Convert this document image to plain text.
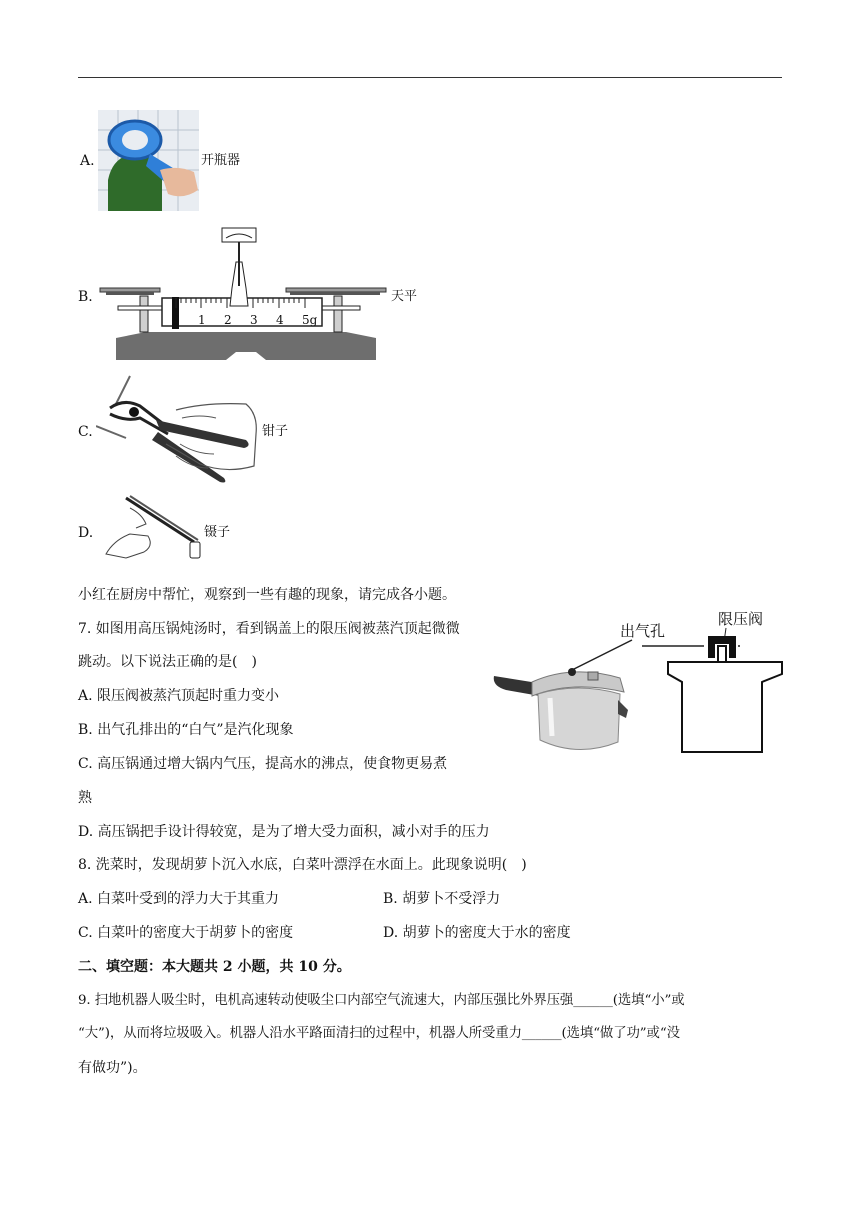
A.	开瓶器
B.
0 1 2 3 4 5g
天平
C.	钳子
D.	镊子
小红在厨房中帮忙，观察到一些有趣的现象，请完成各小题。
7. 如图用高压锅炖汤时，看到锅盖上的限压阀被蒸汽顶起微微
跳动。以下说法正确的是(　)
A. 限压阀被蒸汽顶起时重力变小
B. 出气孔排出的“白气”是汽化现象
C. 高压锅通过增大锅内气压，提高水的沸点，使食物更易煮
熟
D. 高压锅把手设计得较宽，是为了增大受力面积，减小对手的压力
出气孔
限压阀
8. 洗菜时，发现胡萝卜沉入水底，白菜叶漂浮在水面上。此现象说明(　)
A. 白菜叶受到的浮力大于其重力	B. 胡萝卜不受浮力
C. 白菜叶的密度大于胡萝卜的密度	D. 胡萝卜的密度大于水的密度
二、填空题：本大题共 2 小题，共 10 分。
9. 扫地机器人吸尘时，电机高速转动使吸尘口内部空气流速大，内部压强比外界压强______(选填“小”或
“大”)，从而将垃圾吸入。机器人沿水平路面清扫的过程中，机器人所受重力______(选填“做了功”或“没
有做功”)。
